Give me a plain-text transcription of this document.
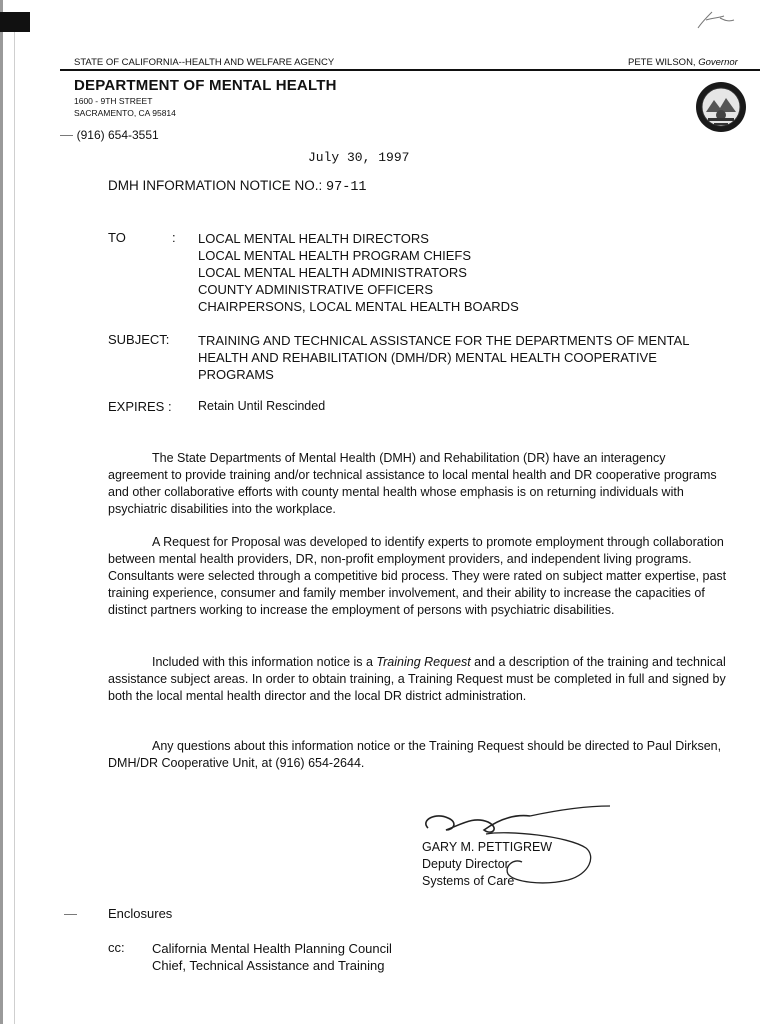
STATE OF CALIFORNIA--HEALTH AND WELFARE AGENCY	PETE WILSON, Governor
DEPARTMENT OF MENTAL HEALTH
1600 - 9TH STREET
SACRAMENTO, CA 95814
— (916) 654-3551
July 30, 1997
DMH INFORMATION NOTICE NO.: 97-11
TO	: LOCAL MENTAL HEALTH DIRECTORS
LOCAL MENTAL HEALTH PROGRAM CHIEFS
LOCAL MENTAL HEALTH ADMINISTRATORS
COUNTY ADMINISTRATIVE OFFICERS
CHAIRPERSONS, LOCAL MENTAL HEALTH BOARDS
SUBJECT: TRAINING AND TECHNICAL ASSISTANCE FOR THE DEPARTMENTS OF MENTAL HEALTH AND REHABILITATION (DMH/DR) MENTAL HEALTH COOPERATIVE PROGRAMS
EXPIRES : Retain Until Rescinded

The State Departments of Mental Health (DMH) and Rehabilitation (DR) have an interagency agreement to provide training and/or technical assistance to local mental health and DR cooperative programs and other collaborative efforts with county mental health whose emphasis is on returning individuals with psychiatric disabilities into the workplace.

A Request for Proposal was developed to identify experts to promote employment through collaboration between mental health providers, DR, non-profit employment providers, and independent living programs. Consultants were selected through a competitive bid process. They were rated on subject matter expertise, past training experience, consumer and family member involvement, and their ability to increase the capacities of distinct partners working to increase the employment of persons with psychiatric disabilities.

Included with this information notice is a Training Request and a description of the training and technical assistance subject areas. In order to obtain training, a Training Request must be completed in full and signed by both the local mental health director and the local DR district administration.

Any questions about this information notice or the Training Request should be directed to Paul Dirksen, DMH/DR Cooperative Unit, at (916) 654-2644.

GARY M. PETTIGREW
Deputy Director
Systems of Care
— Enclosures
cc: California Mental Health Planning Council
Chief, Technical Assistance and Training
